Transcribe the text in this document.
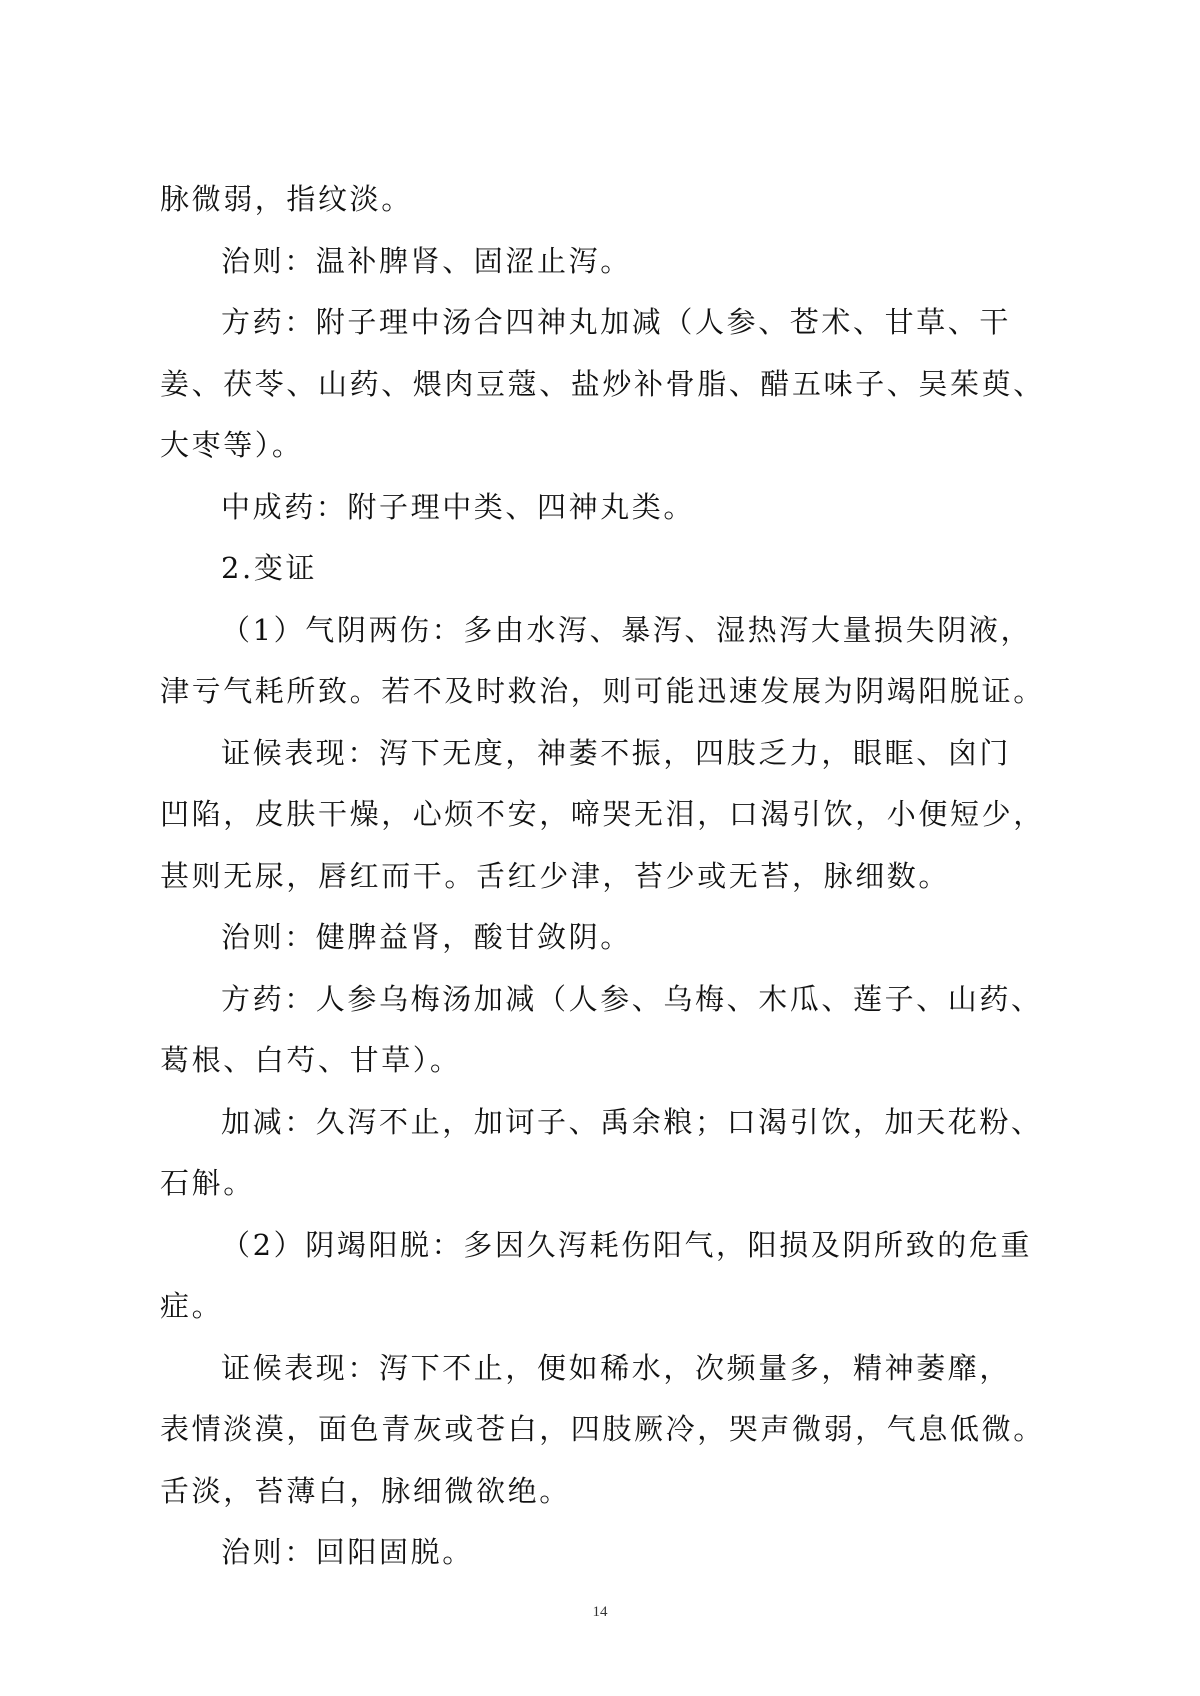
脉微弱，指纹淡。
治则：温补脾肾、固涩止泻。
方药：附子理中汤合四神丸加减（人参、苍术、甘草、干
姜、茯苓、山药、煨肉豆蔻、盐炒补骨脂、醋五味子、吴茱萸、
大枣等）。
中成药：附子理中类、四神丸类。
2.变证
（1）气阴两伤：多由水泻、暴泻、湿热泻大量损失阴液，
津亏气耗所致。若不及时救治，则可能迅速发展为阴竭阳脱证。
证候表现：泻下无度，神萎不振，四肢乏力，眼眶、囟门
凹陷，皮肤干燥，心烦不安，啼哭无泪，口渴引饮，小便短少，
甚则无尿，唇红而干。舌红少津，苔少或无苔，脉细数。
治则：健脾益肾，酸甘敛阴。
方药：人参乌梅汤加减（人参、乌梅、木瓜、莲子、山药、
葛根、白芍、甘草）。
加减：久泻不止，加诃子、禹余粮；口渴引饮，加天花粉、
石斛。
（2）阴竭阳脱：多因久泻耗伤阳气，阳损及阴所致的危重
症。
证候表现：泻下不止，便如稀水，次频量多，精神萎靡，
表情淡漠，面色青灰或苍白，四肢厥冷，哭声微弱，气息低微。
舌淡，苔薄白，脉细微欲绝。
治则：回阳固脱。
14
